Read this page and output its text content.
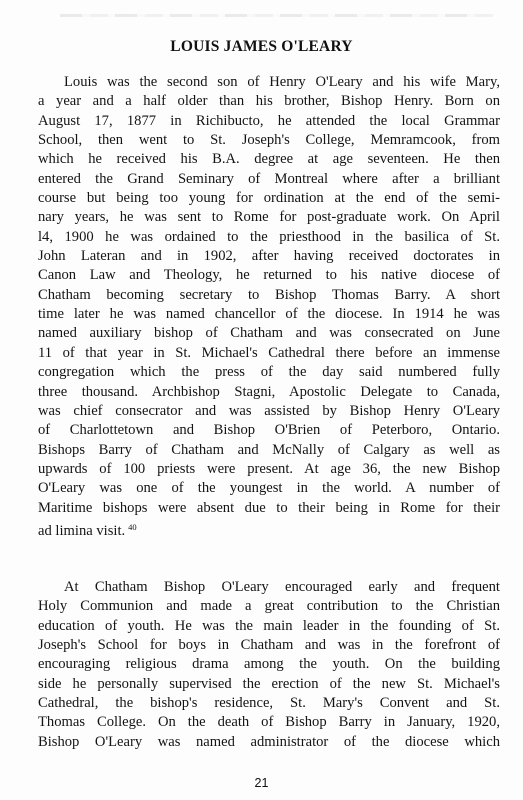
LOUIS JAMES O'LEARY
Louis was the second son of Henry O'Leary and his wife Mary,
a year and a half older than his brother, Bishop Henry. Born on
August 17, 1877 in Richibucto, he attended the local Grammar
School, then went to St. Joseph's College, Memramcook, from
which he received his B.A. degree at age seventeen. He then
entered the Grand Seminary of Montreal where after a brilliant
course but being too young for ordination at the end of the semi-
nary years, he was sent to Rome for post-graduate work. On April
l4, 1900 he was ordained to the priesthood in the basilica of St.
John Lateran and in 1902, after having received doctorates in
Canon Law and Theology, he returned to his native diocese of
Chatham becoming secretary to Bishop Thomas Barry. A short
time later he was named chancellor of the diocese. In 1914 he was
named auxiliary bishop of Chatham and was consecrated on June
11 of that year in St. Michael's Cathedral there before an immense
congregation which the press of the day said numbered fully
three thousand. Archbishop Stagni, Apostolic Delegate to Canada,
was chief consecrator and was assisted by Bishop Henry O'Leary
of Charlottetown and Bishop O'Brien of Peterboro, Ontario.
Bishops Barry of Chatham and McNally of Calgary as well as
upwards of 100 priests were present. At age 36, the new Bishop
O'Leary was one of the youngest in the world. A number of
Maritime bishops were absent due to their being in Rome for their
ad limina visit. $^{40}$
At Chatham Bishop O'Leary encouraged early and frequent
Holy Communion and made a great contribution to the Christian
education of youth. He was the main leader in the founding of St.
Joseph's School for boys in Chatham and was in the forefront of
encouraging religious drama among the youth. On the building
side he personally supervised the erection of the new St. Michael's
Cathedral, the bishop's residence, St. Mary's Convent and St.
Thomas College. On the death of Bishop Barry in January, 1920,
Bishop O'Leary was named administrator of the diocese which
21
